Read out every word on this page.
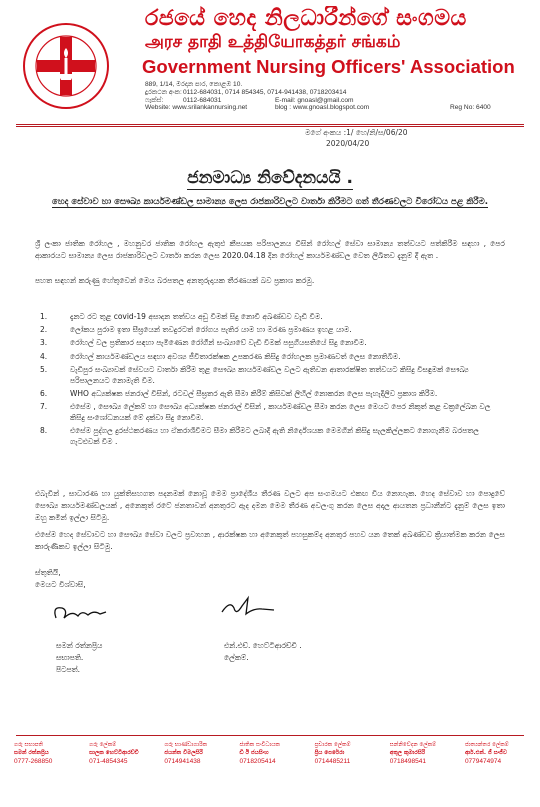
රජයේ හෙද නිලධාරීන්ගේ සංගමය
அரச தாதி உத்தியோகத்தர் சங்கம்
Government Nursing Officers' Association
889, 1/14, මරදාන පාර, කොළඹ 10.
දුරකථන අංක:0112-684031, 0714 854345, 0714-941438, 0718203414
ෆැක්ස්:	0112-684031	E-mail: gnoasl@gmail.com
Website: www.srilankannursing.net	blog : www.gnoasl.blogspot.com	Reg No: 6400
මගේ අංකය :1/ හෙ/නි/ස/06/20
2020/04/20
ජනමාධ්‍ය නිවේදනයයි .
හෙද සේවාව හා සෞඛ්‍ය කාර්යමණ්ඩල සාමාන්‍ය ලෙස රාජකාරිවලට වාර්තා කිරීමට ගත් තීරණවලට විරෝධය පළ කිරීම.
ශ්‍රී ලංකා ජාතික රෝහල , මහනුවර ජාතික රෝහල ඇතුළු කීපයක පරිපාලනය විසින් රෝහල් සේවා සාමාන්‍ය තත්වයට පත්කිරීම සඳහා , පෙර ආකාරයට සාමාන්‍ය ලෙස රාජකාරිවලට වාර්තා කරන ලෙස 2020.04.18 දින රෝහල් කාර්යමණ්ඩල වෙත ලිඛිතව දැනුම් දී ඇත .
පහත සඳහන් කරුණු හේතුවෙන් මෙය බරපතල අනතුරුදායක තීරණයක් බව ප්‍රකාශ කරමු.
1.	දැනට රට තුළ covid-19 අසාදන තත්වය අඩු වීමක් සිදු නොවී අඛණ්ඩව වැඩි වීම.
2.	ලෝකය පුරාම ඉතා සීඝ්‍රයෙන් තවදුරටත් රෝගය පැතිර යාම හා මරණ ප්‍රමාණය ඉහළ යාම.
3.	රෝහල් වල ප්‍රතිකාර සඳහා පැමිණෙන රෝගීන් සංඛ්‍යාවේ වැඩි වීමක් පසුගියසතියේ සිදු නොවීම.
4.	රෝහල් කාර්යමණ්ඩලය සඳහා අවශ්‍ය ජීවිතාරක්ෂක උපකරණ කිසිදු රෝහලක ප්‍රමාණවත් ලෙස නොතිබීම.
5.	වැඩිපුර සංඛ්‍යාවක් සේවයට වාර්තා කිරීම තුළ සෞඛ්‍ය කාර්යමණ්ඩල වලට ඇතිවන ආතාරක්ෂිත තත්වයට කිසිදු විසඳුමක් සෞඛ්‍ය පරිපාලනයට නොමැති වීම.
6.	WHO අධ්‍යක්ෂක ජනරාල් විසින්, රටවල් සීඝ්‍රතර ඇති සීමා කිරීම් කිසිවක් ලිහිල් නොකරන ලෙස පැහැදිලිව ප්‍රකාශ කිරීම.
7.	එසේම , සෞඛ්‍ය ලේකම් හා සෞඛ්‍ය අධ්‍යක්ෂක ජනරාල් විසින් , කාර්යමණ්ඩල සීමා කරන ලෙස මෙයට පෙර නිකුත් කළ චක්‍රලේඛන වල කිසිදු සංශෝධනයක් මේ දක්වා සිදු නොවීම.
8.	එසේම පුද්ගල දුරස්ථකරණය හා ඒකරාශිවීමට සීමා කිරීමට ලබාදී ඇති නිර්දේශයක මෙමගින් කිසිදු සැලකිල්ලකට නොගැනීම බරපතල ගැටළුවක් වීම .
එබැවින් , සාධාරණ හා යුක්තිසහගත පදනමක් නොවූ මෙම ප්‍රාදේශීය තීරණ වලට අප සංගමයට එකඟ විය නොහැක. හෙද සේවාව හා පොදුවේ සෞඛ්‍ය කාර්යමණ්ඩලයක් , අනෙකුත් රටේ ජනතාවන් අනතුරට ඇද දමන මෙම තීරණ අවලංගු කරන ලෙස අදාල ආයතන ප්‍රධානීන්ට දැනුම් ලෙස ඉතා ඔහු කමින් ඉල්ලා සිටිමු.
එසේම හෙද සේවාවට හා සෞඛ්‍ය සේවා වලට ප්‍රවාහන , ආරක්ෂක හා අනෙකුත් පහසුකම්ද අනතුර පහව යන තෙක් අඛණ්ඩව ක්‍රියාත්මක කරන ලෙස කාරුණිකව ඉල්ලා සිටිමු.
ස්තුතියි,
මෙයට විශ්වාසි,
සමන් රත්නප්‍රිය
සභාපති.
පිටපත්.
එන්.එච්. හෙට්ටිආරච්චි .
ලේකම්.
ගරු සභාපති
සමන් රත්නප්‍රිය
0777-268850
ගරු ලේකම්
සාලක හෙට්ටිආරච්චි
071-4854345
ගරු භාණ්ඩාගාරික
ජයන්ත විමලසිරි
0714941438
ජාතික සංවිධායක
ඩී ඊ ජයසිංහ
0718205414
ප්‍රචාරක ලේකම්
ප්‍රිය පෙරේරා
0714485211
සන්නිවේදන ලේකම්
අතුල කුමාරසිරි
0718498541
ජාත්‍යන්තර ලේකම්
ආර්.එන්. ජී සංජීව
0779474974
